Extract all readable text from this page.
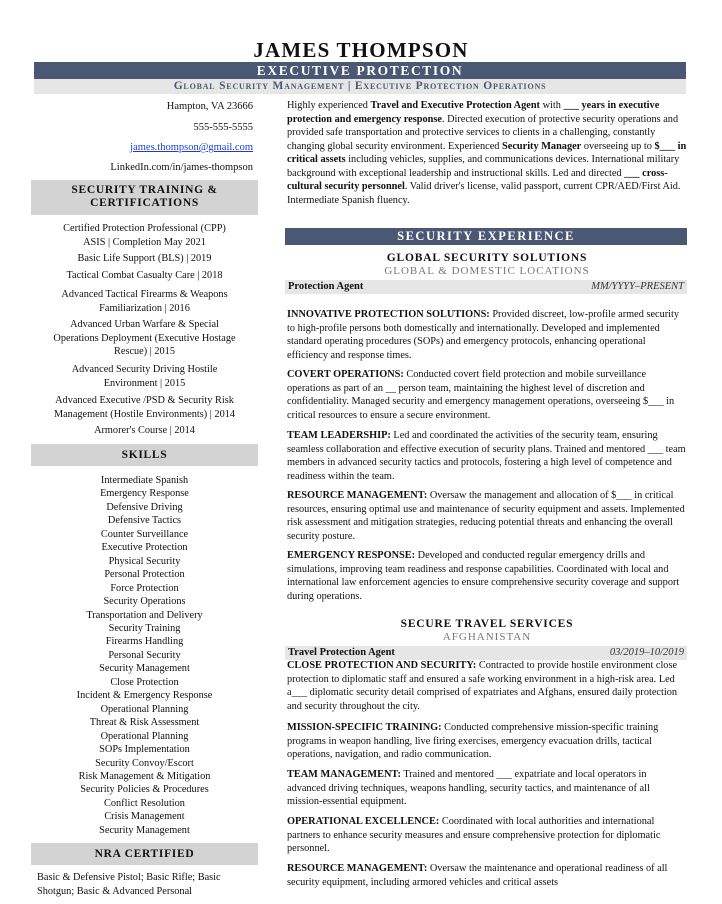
JAMES THOMPSON
EXECUTIVE PROTECTION
Global Security Management | Executive Protection Operations
Hampton, VA 23666
555-555-5555
james.thompson@gmail.com
LinkedIn.com/in/james-thompson
SECURITY TRAINING &
CERTIFICATIONS
Certified Protection Professional (CPP)
ASIS | Completion May 2021
Basic Life Support (BLS) | 2019
Tactical Combat Casualty Care | 2018
Advanced Tactical Firearms & Weapons
Familiarization | 2016
Advanced Urban Warfare & Special
Operations Deployment (Executive Hostage
Rescue) | 2015
Advanced Security Driving Hostile
Environment | 2015
Advanced Executive /PSD & Security Risk
Management (Hostile Environments) | 2014
Armorer's Course | 2014
SKILLS
Intermediate Spanish
Emergency Response
Defensive Driving
Defensive Tactics
Counter Surveillance
Executive Protection
Physical Security
Personal Protection
Force Protection
Security Operations
Transportation and Delivery
Security Training
Firearms Handling
Personal Security
Security Management
Close Protection
Incident & Emergency Response
Operational Planning
Threat & Risk Assessment
Operational Planning
SOPs Implementation
Security Convoy/Escort
Risk Management & Mitigation
Security Policies & Procedures
Conflict Resolution
Crisis Management
Security Management
NRA CERTIFIED
Basic & Defensive Pistol; Basic Rifle; Basic Shotgun; Basic & Advanced Personal
Highly experienced Travel and Executive Protection Agent with ___ years in executive protection and emergency response. Directed execution of protective security operations and provided safe transportation and protective services to clients in a challenging, constantly changing global security environment. Experienced Security Manager overseeing up to $___ in critical assets including vehicles, supplies, and communications devices. International military background with exceptional leadership and instructional skills. Led and directed ___ cross-cultural security personnel. Valid driver's license, valid passport, current CPR/AED/First Aid. Intermediate Spanish fluency.
SECURITY EXPERIENCE
GLOBAL SECURITY SOLUTIONS
GLOBAL & DOMESTIC LOCATIONS
Protection Agent	MM/YYYY–PRESENT
INNOVATIVE PROTECTION SOLUTIONS: Provided discreet, low-profile armed security to high-profile persons both domestically and internationally. Developed and implemented standard operating procedures (SOPs) and emergency protocols, enhancing operational efficiency and response times.
COVERT OPERATIONS: Conducted covert field protection and mobile surveillance operations as part of an __ person team, maintaining the highest level of discretion and confidentiality. Managed security and emergency management operations, overseeing $___ in critical resources to ensure a secure environment.
TEAM LEADERSHIP: Led and coordinated the activities of the security team, ensuring seamless collaboration and effective execution of security plans. Trained and mentored ___ team members in advanced security tactics and protocols, fostering a high level of competence and readiness within the team.
RESOURCE MANAGEMENT: Oversaw the management and allocation of $___ in critical resources, ensuring optimal use and maintenance of security equipment and assets. Implemented risk assessment and mitigation strategies, reducing potential threats and enhancing the overall security posture.
EMERGENCY RESPONSE: Developed and conducted regular emergency drills and simulations, improving team readiness and response capabilities. Coordinated with local and international law enforcement agencies to ensure comprehensive security coverage and support during operations.
SECURE TRAVEL SERVICES
AFGHANISTAN
Travel Protection Agent	03/2019–10/2019
CLOSE PROTECTION AND SECURITY: Contracted to provide hostile environment close protection to diplomatic staff and ensured a safe working environment in a high-risk area. Led a___ diplomatic security detail comprised of expatriates and Afghans, ensured daily protection and security throughout the city.
MISSION-SPECIFIC TRAINING: Conducted comprehensive mission-specific training programs in weapon handling, live firing exercises, emergency evacuation drills, tactical operations, navigation, and radio communication.
TEAM MANAGEMENT: Trained and mentored ___ expatriate and local operators in advanced driving techniques, weapons handling, security tactics, and maintenance of all mission-essential equipment.
OPERATIONAL EXCELLENCE: Coordinated with local authorities and international partners to enhance security measures and ensure comprehensive protection for diplomatic personnel.
RESOURCE MANAGEMENT: Oversaw the maintenance and operational readiness of all security equipment, including armored vehicles and critical assets
